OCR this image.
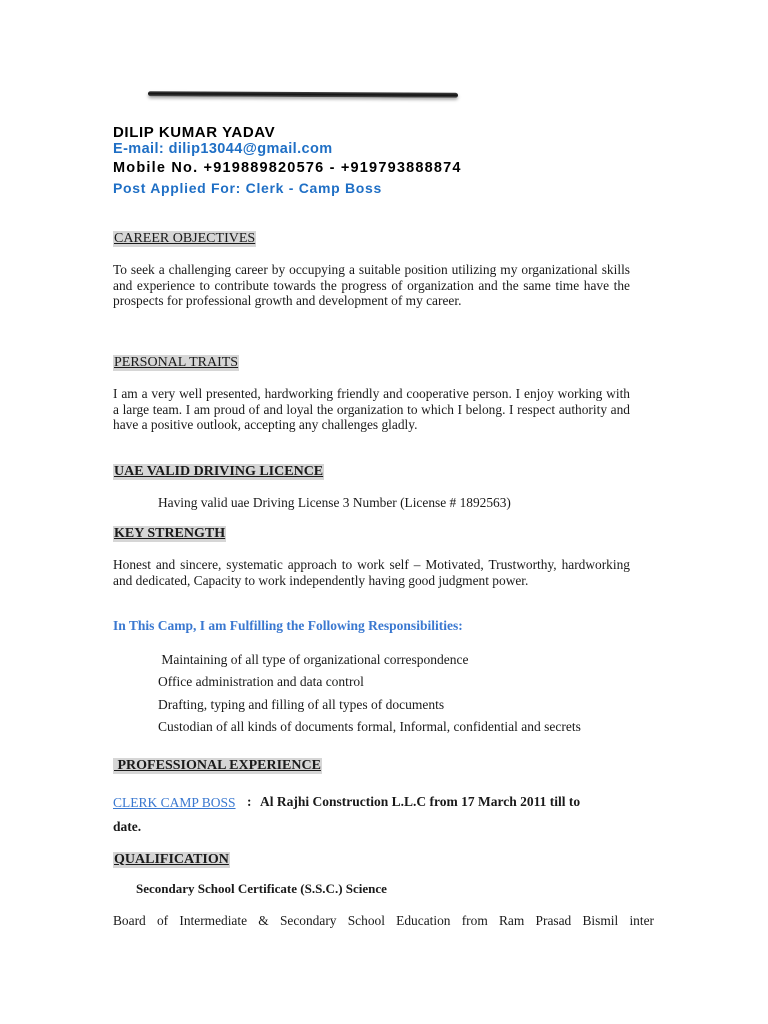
DILIP KUMAR YADAV
E-mail: dilip13044@gmail.com
Mobile No. +919889820576 - +919793888874
Post Applied For: Clerk - Camp Boss
CAREER OBJECTIVES

To seek a challenging career by occupying a suitable position utilizing my organizational skills and experience to contribute towards the progress of organization and the same time have the prospects for professional growth and development of my career.

PERSONAL TRAITS

I am a very well presented, hardworking friendly and cooperative person. I enjoy working with a large team. I am proud of and loyal the organization to which I belong. I respect authority and have a positive outlook, accepting any challenges gladly.

UAE VALID DRIVING LICENCE
Having valid uae Driving License 3 Number (License # 1892563)
KEY STRENGTH

Honest and sincere, systematic approach to work self – Motivated, Trustworthy, hardworking and dedicated, Capacity to work independently having good judgment power.

In This Camp, I am Fulfilling the Following Responsibilities:
Maintaining of all type of organizational correspondence
Office administration and data control
Drafting, typing and filling of all types of documents
Custodian of all kinds of documents formal, Informal, confidential and secrets
PROFESSIONAL EXPERIENCE
CLERK CAMP BOSS : Al Rajhi Construction L.L.C from 17 March 2011 till to
date.
QUALIFICATION
Secondary School Certificate (S.S.C.) Science
Board of Intermediate & Secondary School Education from Ram Prasad Bismil inter
